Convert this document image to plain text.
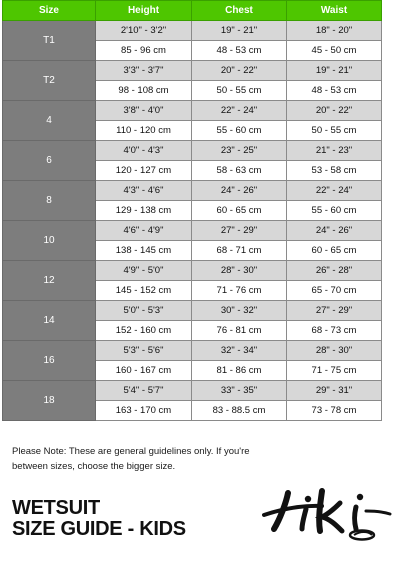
Size	Height	Chest	Waist
T1	2'10" - 3'2"	19" - 21"	18" - 20"
	85 - 96 cm	48 - 53 cm	45 - 50 cm
T2	3'3" - 3'7"	20" - 22"	19" - 21"
	98 - 108 cm	50 - 55 cm	48 - 53 cm
4	3'8" - 4'0"	22" - 24"	20" - 22"
	110 - 120 cm	55 - 60 cm	50 - 55 cm
6	4'0" - 4'3"	23" - 25"	21" - 23"
	120 - 127 cm	58 - 63 cm	53 - 58 cm
8	4'3" - 4'6"	24" - 26"	22" - 24"
	129 - 138 cm	60 - 65 cm	55 - 60 cm
10	4'6" - 4'9"	27" - 29"	24" - 26"
	138 - 145 cm	68 - 71 cm	60 - 65 cm
12	4'9" - 5'0"	28" - 30"	26" - 28"
	145 - 152 cm	71 - 76 cm	65 - 70 cm
14	5'0" - 5'3"	30" - 32"	27" - 29"
	152 - 160 cm	76 - 81 cm	68 - 73 cm
16	5'3" - 5'6"	32" - 34"	28" - 30"
	160 - 167 cm	81 - 86 cm	71 - 75 cm
18	5'4" - 5'7"	33" - 35"	29" - 31"
	163 - 170 cm	83 - 88.5 cm	73 - 78 cm
Please Note: These are general guidelines only. If you're
between sizes, choose the bigger size.
WETSUIT
SIZE GUIDE - KIDS
